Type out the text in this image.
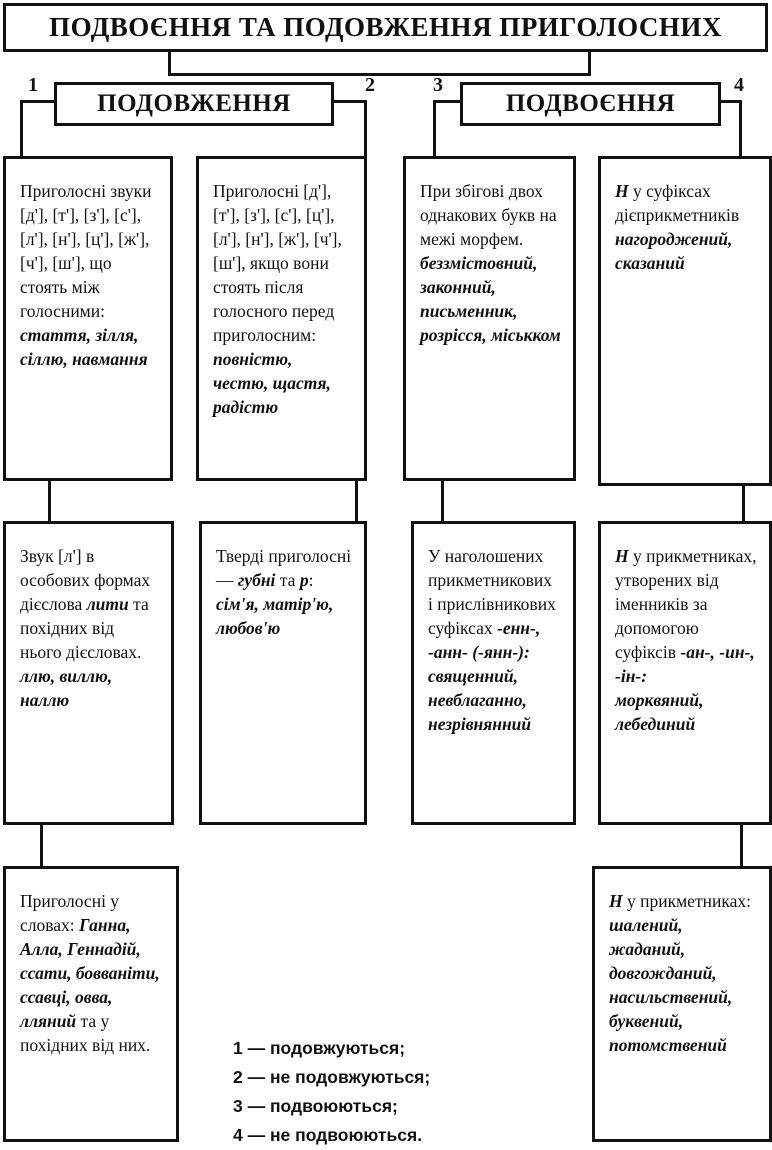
ПОДВОЄННЯ ТА ПОДОВЖЕННЯ ПРИГОЛОСНИХ
ПОДОВЖЕННЯ	ПОДВОЄННЯ
1	2	3	4

Приголосні звуки [д'], [т'], [з'], [с'], [л'], [н'], [ц'], [ж'], [ч'], [ш'], що стоять між голосними:

стаття, зілля, сіллю, навмання

Приголосні [д'], [т'], [з'], [с'], [ц'], [л'], [н'], [ж'], [ч'], [ш'], якщо вони стоять після голосного перед приголосним:

повністю, честю, щастя, радістю

При збігові двох однакових букв на межі морфем.

беззмістовний, законний, письменник, розрісся, міськком

Н у суфіксах дієприкметників

нагороджений, сказаний

Звук [л'] в особових формах дієслова лити та похідних від нього дієсловах.

ллю, виллю, наллю

Тверді приголосні — губні та р:

сім'я, матір'ю, любов'ю

У наголошених прикметникових і прислівникових суфіксах -енн-, -анн- (-янн-):

священний, невблаганно, незрівнянний

Н у прикметниках, утворених від іменників за допомогою суфіксів -ан-, -ин-, -ін-:

морквяний, лебединий

Приголосні у словах: Ганна, Алла, Геннадій, ссати, бовваніти, ссавці, овва, лляний та у похідних від них.

Н у прикметниках:

шалений, жаданий, довгожданий, насильствений, буквений, потомствений

1 — подовжуються;
2 — не подовжуються;
3 — подвоюються;
4 — не подвоюються.
